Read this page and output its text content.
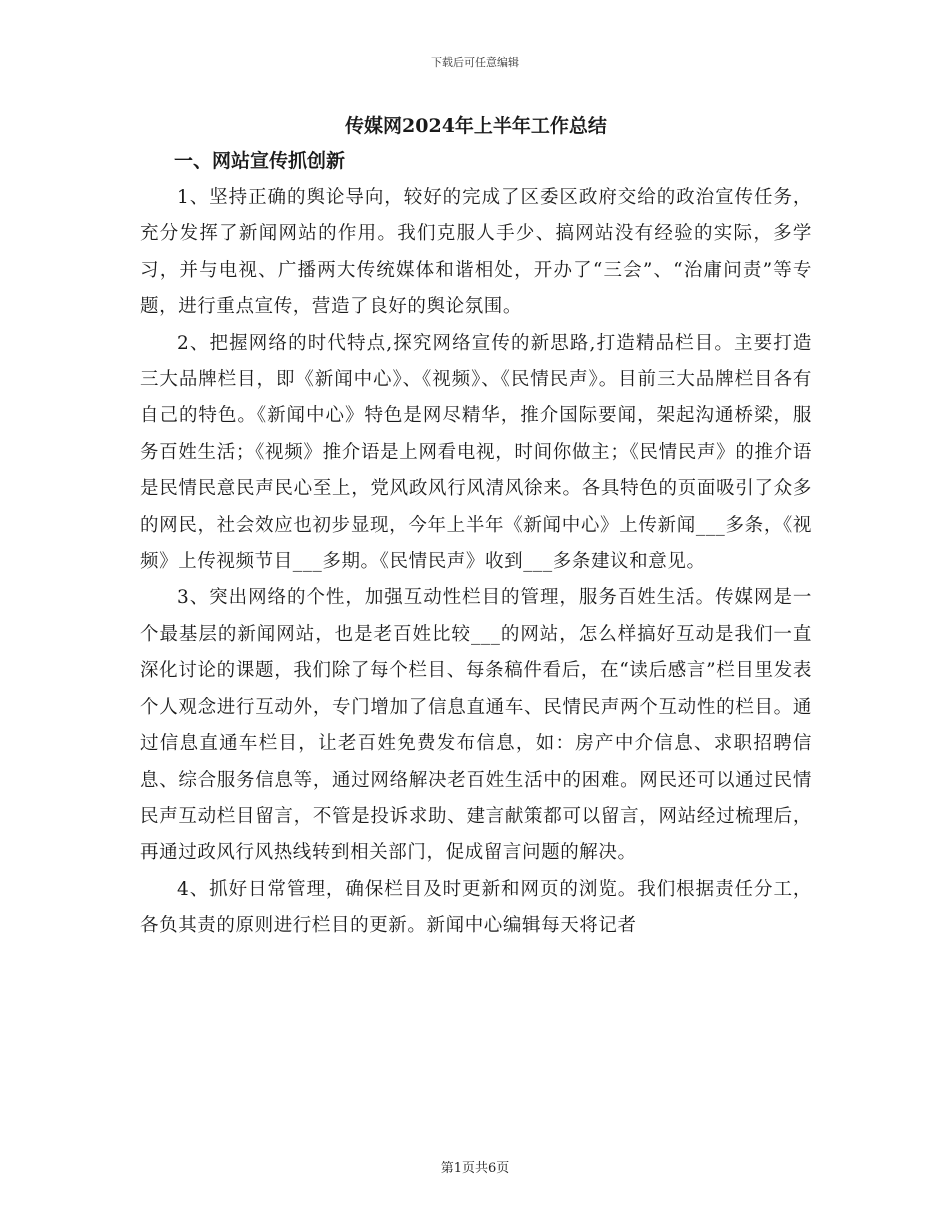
下载后可任意编辑
传媒网2024年上半年工作总结
一、网站宣传抓创新

1、坚持正确的舆论导向，较好的完成了区委区政府交给的政治宣传任务，充分发挥了新闻网站的作用。我们克服人手少、搞网站没有经验的实际，多学习，并与电视、广播两大传统媒体和谐相处，开办了“三会”、“治庸问责”等专题，进行重点宣传，营造了良好的舆论氛围。

2、把握网络的时代特点,探究网络宣传的新思路,打造精品栏目。主要打造三大品牌栏目，即《新闻中心》、《视频》、《民情民声》。目前三大品牌栏目各有自己的特色。《新闻中心》特色是网尽精华，推介国际要闻，架起沟通桥梁，服务百姓生活；《视频》推介语是上网看电视，时间你做主；《民情民声》的推介语是民情民意民声民心至上，党风政风行风清风徐来。各具特色的页面吸引了众多的网民，社会效应也初步显现，今年上半年《新闻中心》上传新闻___多条，《视频》上传视频节目___多期。《民情民声》收到___多条建议和意见。

3、突出网络的个性，加强互动性栏目的管理，服务百姓生活。传媒网是一个最基层的新闻网站，也是老百姓比较___的网站，怎么样搞好互动是我们一直深化讨论的课题，我们除了每个栏目、每条稿件看后，在“读后感言”栏目里发表个人观念进行互动外，专门增加了信息直通车、民情民声两个互动性的栏目。通过信息直通车栏目，让老百姓免费发布信息，如：房产中介信息、求职招聘信息、综合服务信息等，通过网络解决老百姓生活中的困难。网民还可以通过民情民声互动栏目留言，不管是投诉求助、建言献策都可以留言，网站经过梳理后，再通过政风行风热线转到相关部门，促成留言问题的解决。

4、抓好日常管理，确保栏目及时更新和网页的浏览。我们根据责任分工，各负其责的原则进行栏目的更新。新闻中心编辑每天将记者

第1页共6页
